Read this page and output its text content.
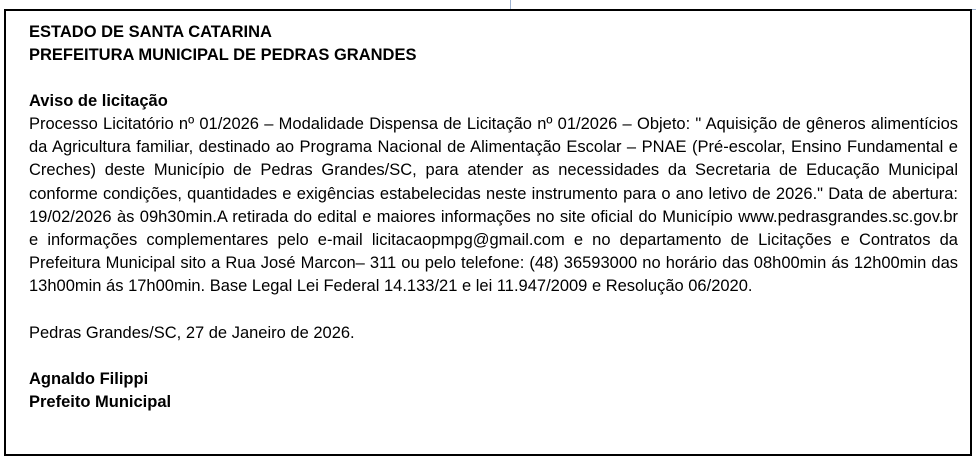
ESTADO DE SANTA CATARINA

PREFEITURA MUNICIPAL DE PEDRAS GRANDES

Aviso de licitação

Processo Licitatório nº 01/2026 – Modalidade Dispensa de Licitação nº 01/2026 – Objeto: " Aquisição de gêneros alimentícios da Agricultura familiar, destinado ao Programa Nacional de Alimentação Escolar – PNAE (Pré-escolar, Ensino Fundamental e Creches) deste Município de Pedras Grandes/SC, para atender as necessidades da Secretaria de Educação Municipal conforme condições, quantidades e exigências estabelecidas neste instrumento para o ano letivo de 2026." Data de abertura: 19/02/2026 às 09h30min.A retirada do edital e maiores informações no site oficial do Município www.pedrasgrandes.sc.gov.br e informações complementares pelo e-mail licitacaopmpg@gmail.com e no departamento de Licitações e Contratos da Prefeitura Municipal sito a Rua José Marcon– 311 ou pelo telefone: (48) 36593000 no horário das 08h00min ás 12h00min das 13h00min ás 17h00min. Base Legal Lei Federal 14.133/21 e lei 11.947/2009 e Resolução 06/2020.

Pedras Grandes/SC, 27 de Janeiro de 2026.

Agnaldo Filippi

Prefeito Municipal
